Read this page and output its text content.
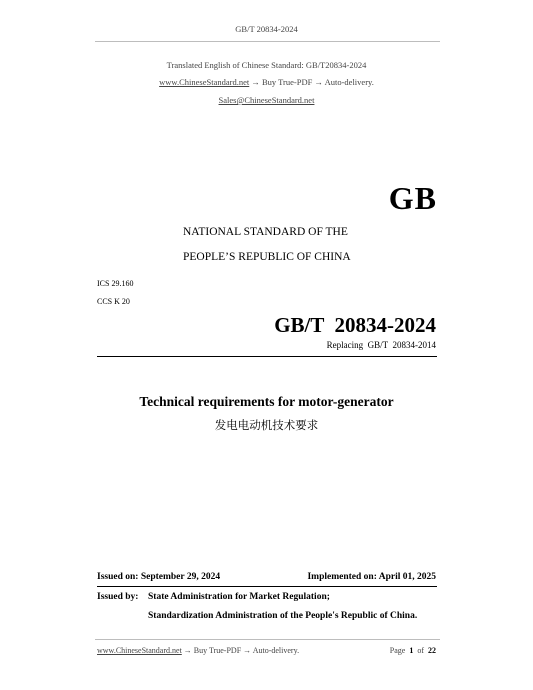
GB/T 20834-2024
Translated English of Chinese Standard: GB/T20834-2024
www.ChineseStandard.net → Buy True-PDF → Auto-delivery.
Sales@ChineseStandard.net
GB
NATIONAL STANDARD OF THE
PEOPLE’S REPUBLIC OF CHINA
ICS 29.160
CCS K 20
GB/T  20834-2024
Replacing  GB/T  20834-2014
Technical requirements for motor-generator
发电电动机技术要求
Issued on: September 29, 2024	Implemented on: April 01, 2025
Issued by: State Administration for Market Regulation;
Standardization Administration of the People's Republic of China.
www.ChineseStandard.net → Buy True-PDF → Auto-delivery.	Page 1 of 22
